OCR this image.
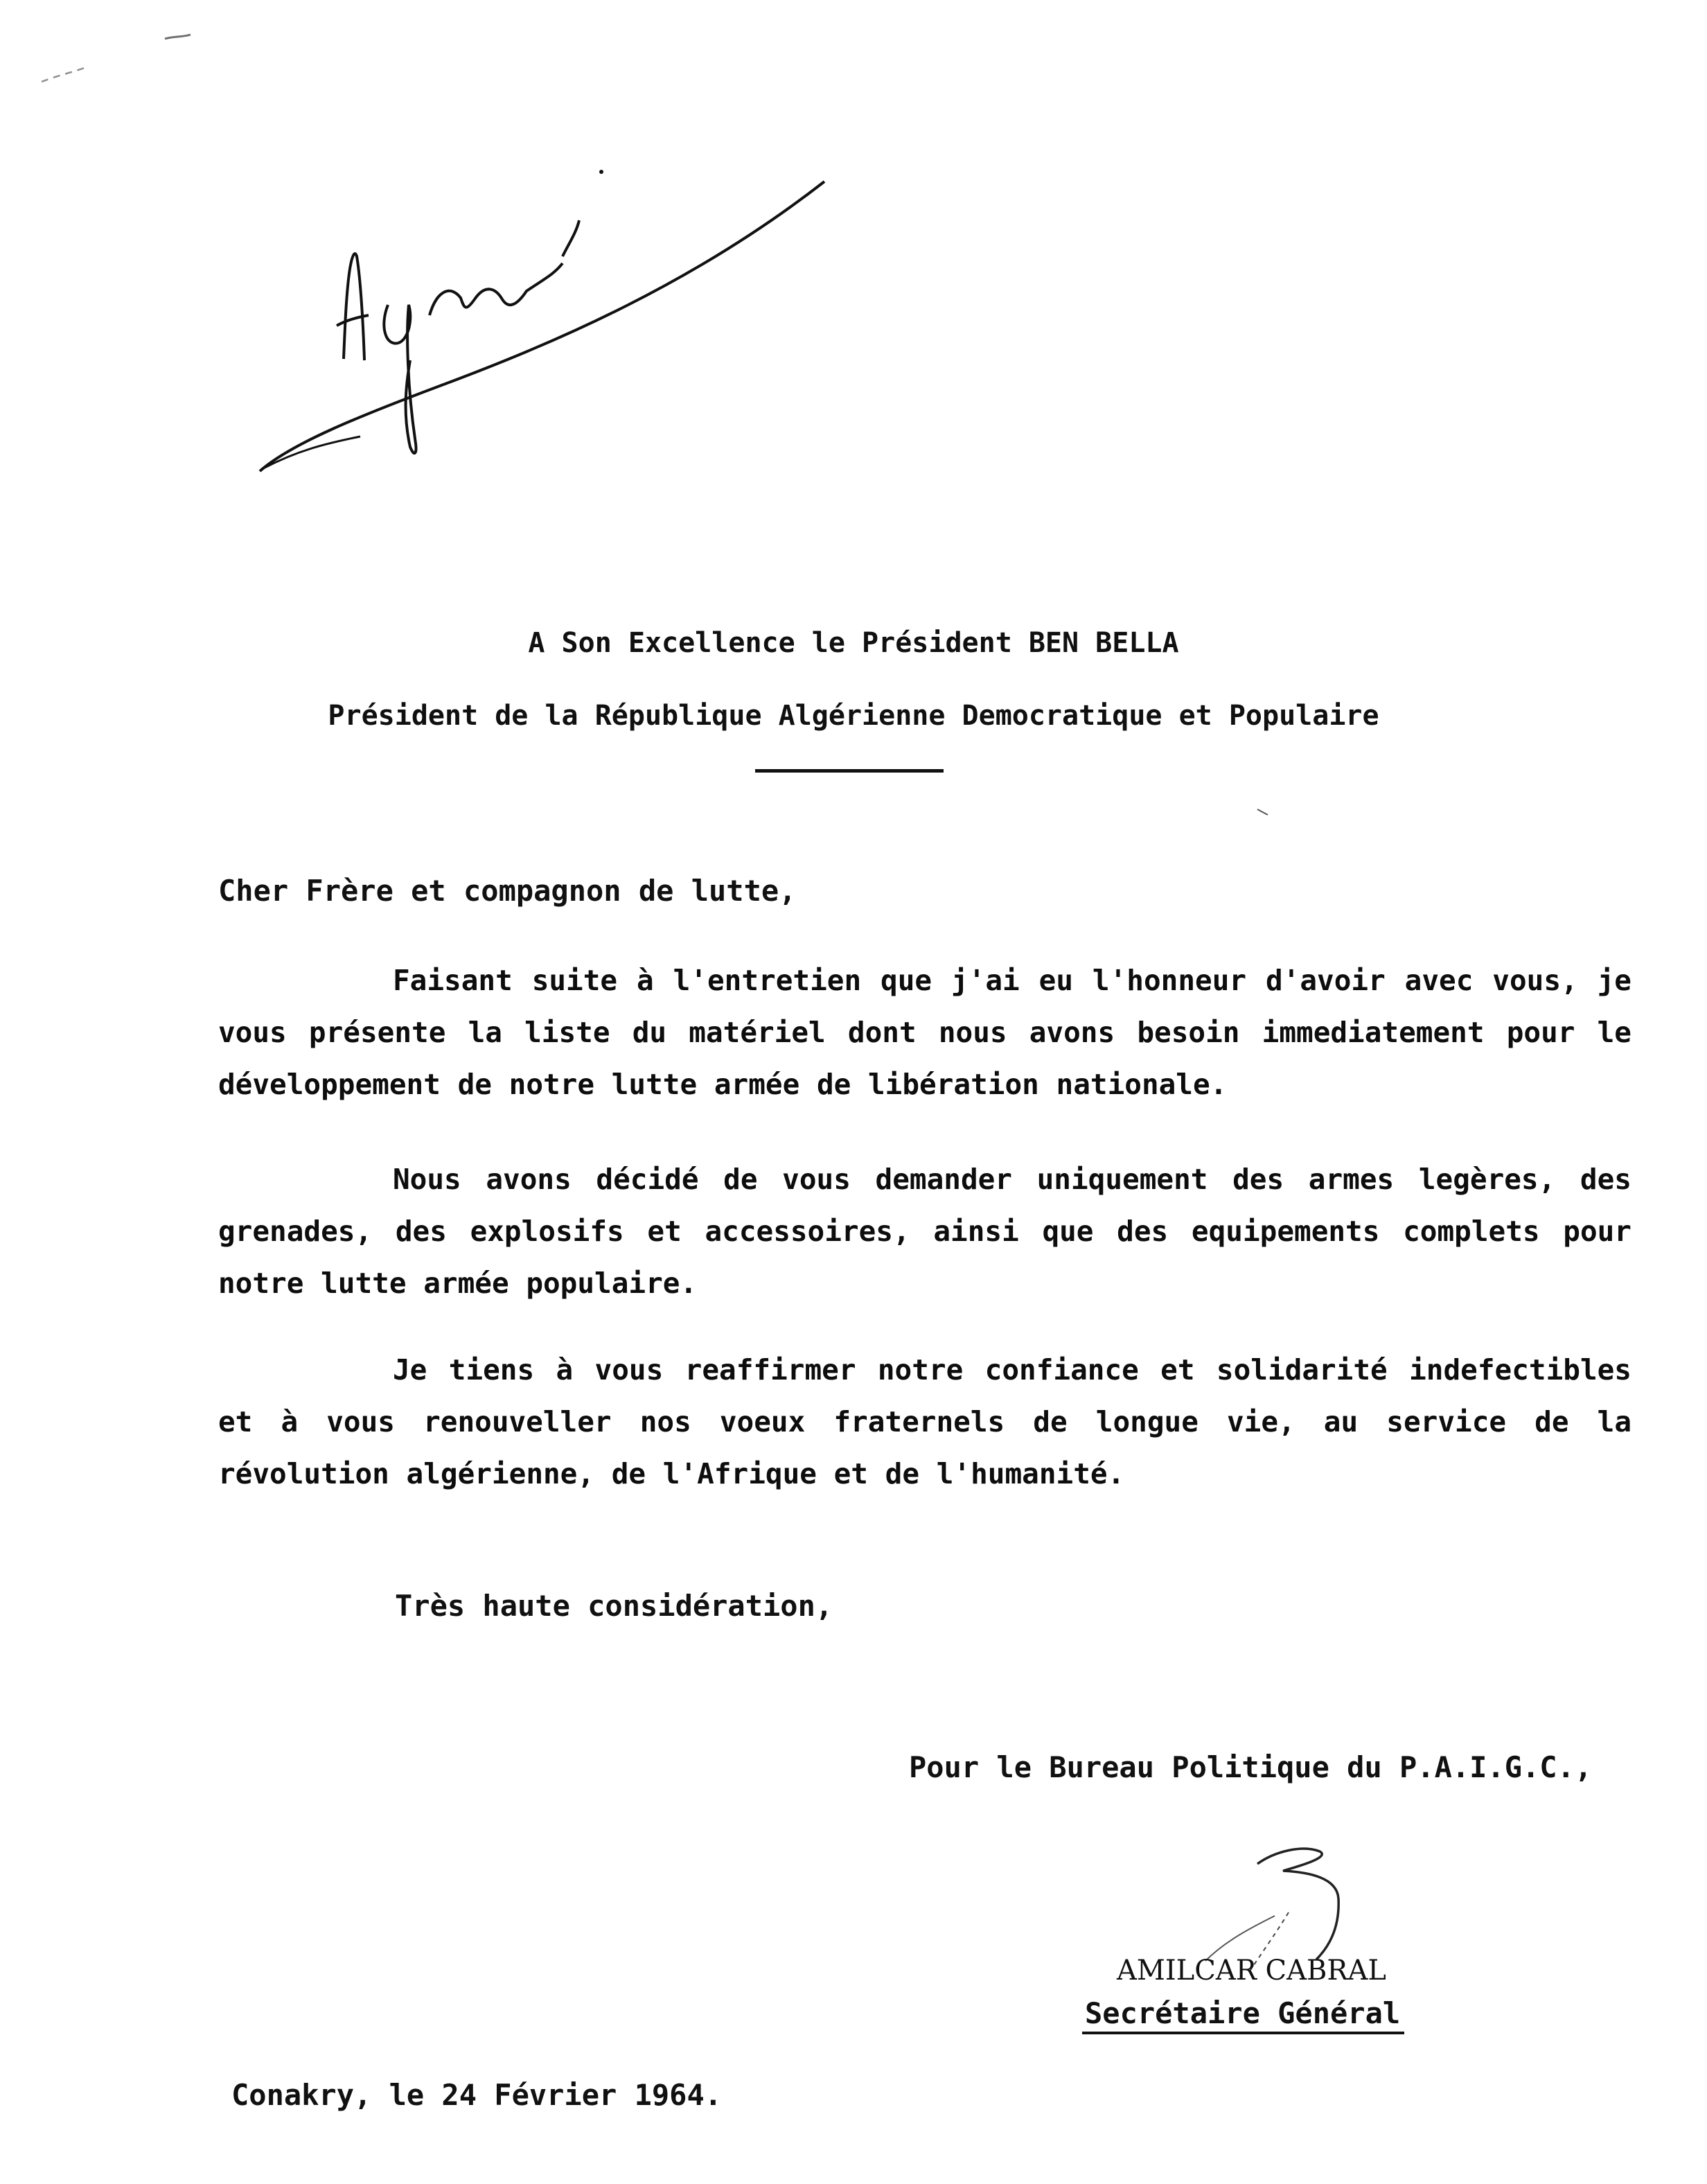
A Son Excellence le Président BEN BELLA
Président de la République Algérienne Democratique et Populaire
Cher Frère et compagnon de lutte,
Faisant suite à l'entretien que j'ai eu l'honneur d'avoir avec vous, je vous présente la liste du matériel dont nous avons besoin immediatement pour le développement de notre lutte armée de libération nationale.
Nous avons décidé de vous demander uniquement des armes legères, des grenades, des explosifs et accessoires, ainsi que des equipements complets pour notre lutte armée populaire.
Je tiens à vous reaffirmer notre confiance et solidarité indefectibles et à vous renouveller nos voeux fraternels de longue vie, au service de la révolution algérienne, de l'Afrique et de l'humanité.
Très haute considération,
Pour le Bureau Politique du P.A.I.G.C.,
AMILCAR CABRAL
Secrétaire Général
Conakry, le 24 Février 1964.
